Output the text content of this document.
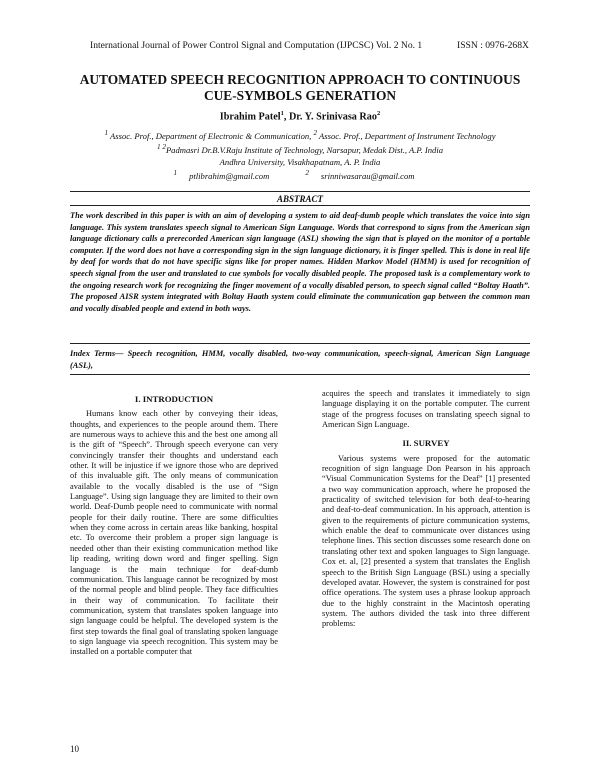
International Journal of Power Control Signal and Computation (IJPCSC) Vol. 2 No. 1	ISSN : 0976-268X
AUTOMATED SPEECH RECOGNITION APPROACH TO CONTINUOUS
CUE-SYMBOLS GENERATION
Ibrahim Patel$^1$, Dr. Y. Srinivasa Rao$^2$

$^1$ Assoc. Prof., Department of Electronic & Communication, $^2$ Assoc. Prof., Department of Instrument Technology

$^{1 2}$Padmasri Dr.B.V.Raju Institute of Technology, Narsapur, Medak Dist., A.P. India

Andhra University, Visakhapatnam, A. P. India

$^1$ ptlibrahim@gmail.com	$^2$ srinniwasarau@gmail.com

ABSTRACT

The work described in this paper is with an aim of developing a system to aid deaf-dumb people which translates the voice into sign language. This system translates speech signal to American Sign Language. Words that correspond to signs from the American sign language dictionary calls a prerecorded American sign language (ASL) showing the sign that is played on the monitor of a portable computer. If the word does not have a corresponding sign in the sign language dictionary, it is finger spelled. This is done in real life by deaf for words that do not have specific signs like for proper names. Hidden Markov Model (HMM) is used for recognition of speech signal from the user and translated to cue symbols for vocally disabled people. The proposed task is a complementary work to the ongoing research work for recognizing the finger movement of a vocally disabled person, to speech signal called “Boltay Haath”. The proposed AISR system integrated with Boltay Haath system could eliminate the communication gap between the common man and vocally disabled people and extend in both ways.

Index Terms— Speech recognition, HMM, vocally disabled, two-way communication, speech-signal, American Sign Language (ASL),

I. INTRODUCTION

Humans know each other by conveying their ideas, thoughts, and experiences to the people around them. There are numerous ways to achieve this and the best one among all is the gift of “Speech”. Through speech everyone can very convincingly transfer their thoughts and understand each other. It will be injustice if we ignore those who are deprived of this invaluable gift. The only means of communication available to the vocally disabled is the use of “Sign Language”. Using sign language they are limited to their own world. Deaf-Dumb people need to communicate with normal people for their daily routine. There are some difficulties when they come across in certain areas like banking, hospital etc. To overcome their problem a proper sign language is needed other than their existing communication method like lip reading, writing down word and finger spelling. Sign language is the main technique for deaf-dumb communication. This language cannot be recognized by most of the normal people and blind people. They face difficulties in their way of communication. To facilitate their communication, system that translates spoken language into sign language could be helpful. The developed system is the first step towards the final goal of translating spoken language to sign language via speech recognition. This system may be installed on a portable computer that

acquires the speech and translates it immediately to sign language displaying it on the portable computer. The current stage of the progress focuses on translating speech signal to American Sign Language.

II. SURVEY

Various systems were proposed for the automatic recognition of sign language Don Pearson in his approach “Visual Communication Systems for the Deaf” [1] presented a two way communication approach, where he proposed the practicality of switched television for both deaf-to-hearing and deaf-to-deaf communication. In his approach, attention is given to the requirements of picture communication systems, which enable the deaf to communicate over distances using telephone lines. This section discusses some research done on translating other text and spoken languages to Sign language. Cox et. al, [2] presented a system that translates the English speech to the British Sign Language (BSL) using a specially developed avatar. However, the system is constrained for post office operations. The system uses a phrase lookup approach due to the highly constraint in the Macintosh operating system. The authors divided the task into three different problems:

10
